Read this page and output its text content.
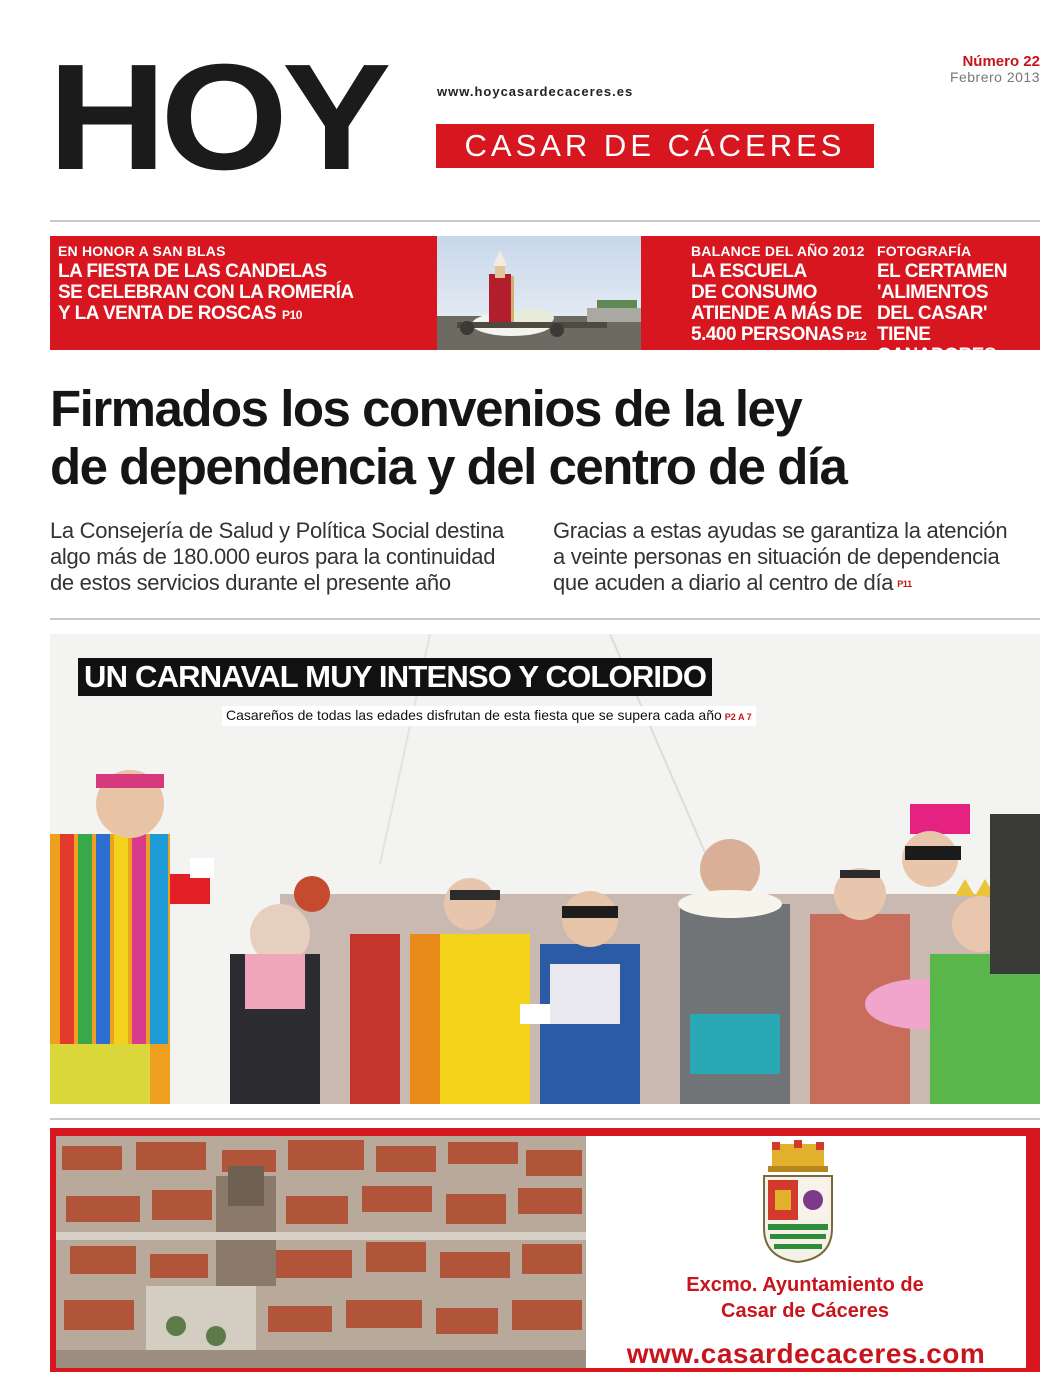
HOY	www.hoycasardecaceres.es
CASAR DE CÁCERES
Número 22
Febrero 2013
EN HONOR A SAN BLAS
LA FIESTA DE LAS CANDELAS
SE CELEBRAN CON LA ROMERÍA
Y LA VENTA DE ROSCAS P10
BALANCE DEL AÑO 2012
LA ESCUELA
DE CONSUMO
ATIENDE A MÁS DE
5.400 PERSONAS P12
FOTOGRAFÍA
EL CERTAMEN
'ALIMENTOS
DEL CASAR' TIENE
GANADORES P13
Firmados los convenios de la ley
de dependencia y del centro de día
La Consejería de Salud y Política Social destina
algo más de 180.000 euros para la continuidad
de estos servicios durante el presente año
Gracias a estas ayudas se garantiza la atención
a veinte personas en situación de dependencia
que acuden a diario al centro de día P11
UN CARNAVAL MUY INTENSO Y COLORIDO
Casareños de todas las edades disfrutan de esta fiesta que se supera cada año P2 A 7
Excmo. Ayuntamiento de
Casar de Cáceres
www.casardecaceres.com
